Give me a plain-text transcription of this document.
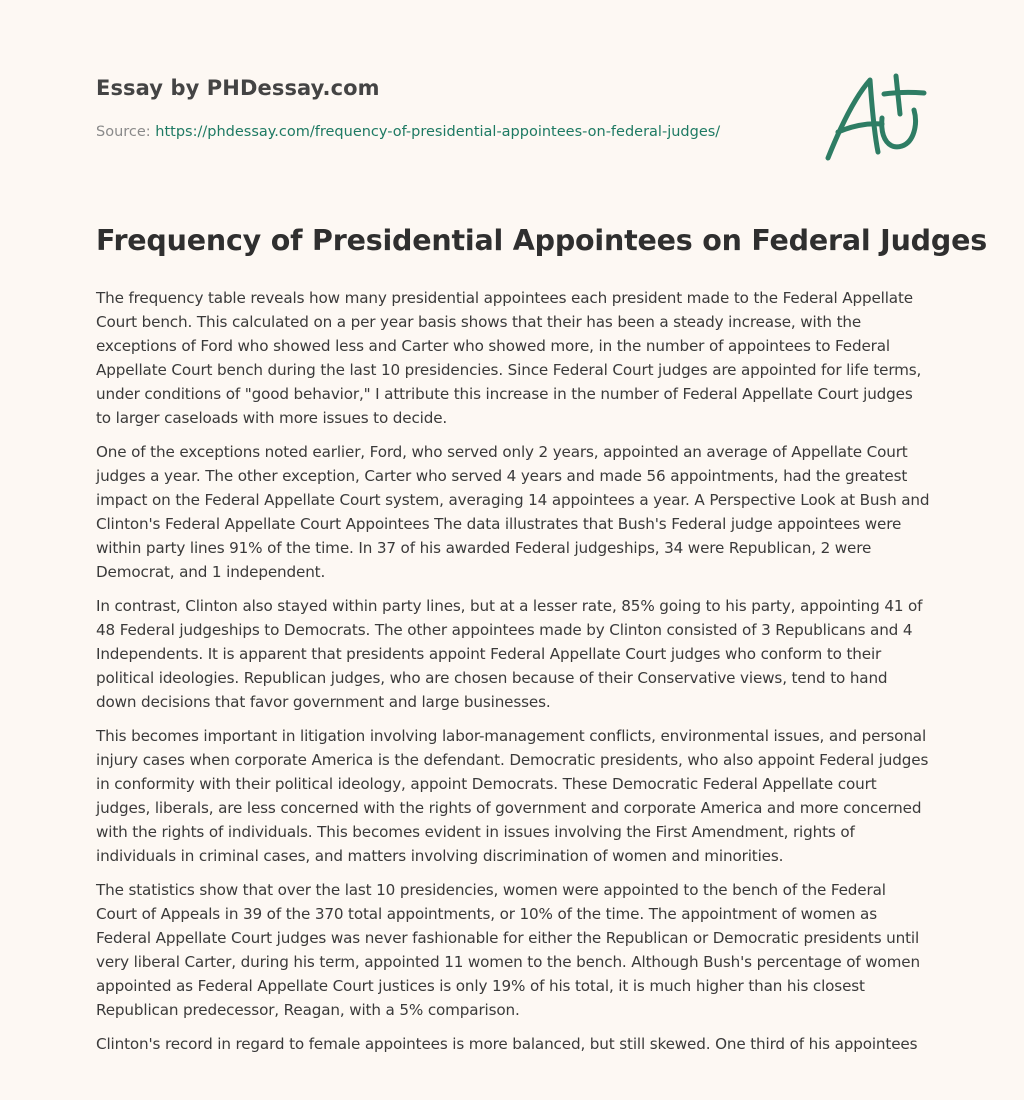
Essay by PHDessay.com
Source: https://phdessay.com/frequency-of-presidential-appointees-on-federal-judges/
Frequency of Presidential Appointees on Federal Judges

The frequency table reveals how many presidential appointees each president made to the Federal Appellate Court bench. This calculated on a per year basis shows that their has been a steady increase, with the exceptions of Ford who showed less and Carter who showed more, in the number of appointees to Federal Appellate Court bench during the last 10 presidencies. Since Federal Court judges are appointed for life terms, under conditions of "good behavior," I attribute this increase in the number of Federal Appellate Court judges to larger caseloads with more issues to decide.

One of the exceptions noted earlier, Ford, who served only 2 years, appointed an average of Appellate Court judges a year. The other exception, Carter who served 4 years and made 56 appointments, had the greatest impact on the Federal Appellate Court system, averaging 14 appointees a year. A Perspective Look at Bush and Clinton's Federal Appellate Court Appointees The data illustrates that Bush's Federal judge appointees were within party lines 91% of the time. In 37 of his awarded Federal judgeships, 34 were Republican, 2 were Democrat, and 1 independent.

In contrast, Clinton also stayed within party lines, but at a lesser rate, 85% going to his party, appointing 41 of 48 Federal judgeships to Democrats. The other appointees made by Clinton consisted of 3 Republicans and 4 Independents. It is apparent that presidents appoint Federal Appellate Court judges who conform to their political ideologies. Republican judges, who are chosen because of their Conservative views, tend to hand down decisions that favor government and large businesses.

This becomes important in litigation involving labor-management conflicts, environmental issues, and personal injury cases when corporate America is the defendant. Democratic presidents, who also appoint Federal judges in conformity with their political ideology, appoint Democrats. These Democratic Federal Appellate court judges, liberals, are less concerned with the rights of government and corporate America and more concerned with the rights of individuals. This becomes evident in issues involving the First Amendment, rights of individuals in criminal cases, and matters involving discrimination of women and minorities.

The statistics show that over the last 10 presidencies, women were appointed to the bench of the Federal Court of Appeals in 39 of the 370 total appointments, or 10% of the time. The appointment of women as Federal Appellate Court judges was never fashionable for either the Republican or Democratic presidents until very liberal Carter, during his term, appointed 11 women to the bench. Although Bush's percentage of women appointed as Federal Appellate Court justices is only 19% of his total, it is much higher than his closest Republican predecessor, Reagan, with a 5% comparison.

Clinton's record in regard to female appointees is more balanced, but still skewed. One third of his appointees
